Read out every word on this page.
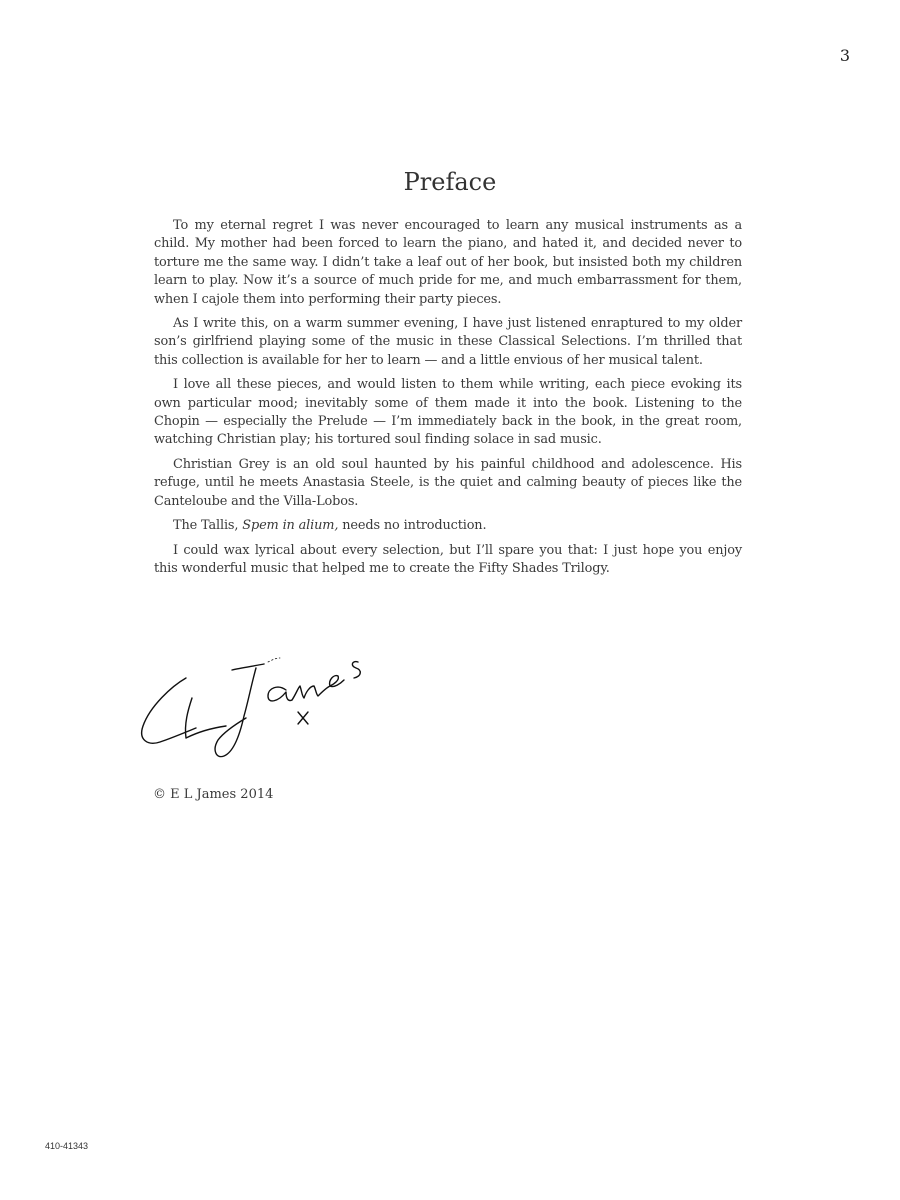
3
Preface

To my eternal regret I was never encouraged to learn any musical instruments as a child. My mother had been forced to learn the piano, and hated it, and decided never to torture me the same way. I didn’t take a leaf out of her book, but insisted both my children learn to play. Now it’s a source of much pride for me, and much embarrassment for them, when I cajole them into performing their party pieces.

As I write this, on a warm summer evening, I have just listened enraptured to my older son’s girlfriend playing some of the music in these Classical Selections. I’m thrilled that this collection is available for her to learn — and a little envious of her musical talent.

I love all these pieces, and would listen to them while writing, each piece evoking its own particular mood; inevitably some of them made it into the book. Listening to the Chopin — especially the Prelude — I’m immediately back in the book, in the great room, watching Christian play; his tortured soul finding solace in sad music.

Christian Grey is an old soul haunted by his painful childhood and adolescence. His refuge, until he meets Anastasia Steele, is the quiet and calming beauty of pieces like the Canteloube and the Villa-Lobos.

The Tallis, Spem in alium, needs no introduction.

I could wax lyrical about every selection, but I’ll spare you that: I just hope you enjoy this wonderful music that helped me to create the Fifty Shades Trilogy.

© E L James 2014
410-41343
